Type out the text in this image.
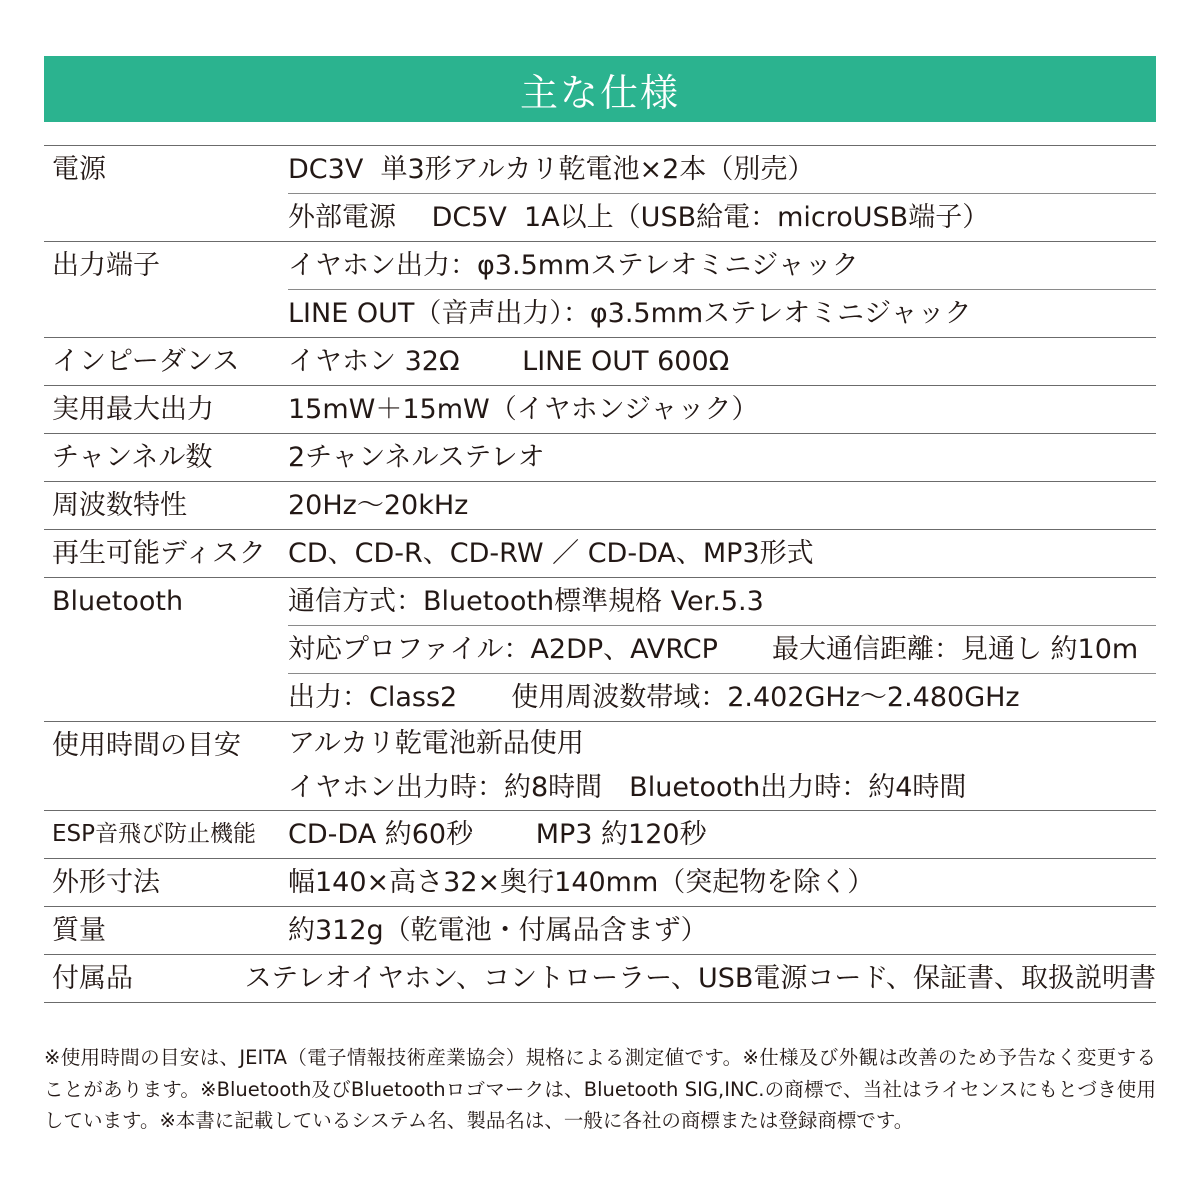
主な仕様
電源	DC3V  単3形アルカリ乾電池×2本（別売）
外部電源　 DC5V  1A以上（USB給電：microUSB端子）
出力端子	イヤホン出力：φ3.5mmステレオミニジャック
LINE OUT（音声出力）：φ3.5mmステレオミニジャック
インピーダンス	イヤホン 32Ω　　 LINE OUT 600Ω
実用最大出力	15mW＋15mW（イヤホンジャック）
チャンネル数	2チャンネルステレオ
周波数特性	20Hz〜20kHz
再生可能ディスク CD、CD-R、CD-RW ／ CD-DA、MP3形式
Bluetooth	通信方式：Bluetooth標準規格 Ver.5.3
対応プロファイル：A2DP、AVRCP　　最大通信距離：見通し 約10m
出力：Class2　　使用周波数帯域：2.402GHz〜2.480GHz
使用時間の目安	アルカリ乾電池新品使用
イヤホン出力時：約8時間　Bluetooth出力時：約4時間
ESP音飛び防止機能	CD-DA 約60秒　　 MP3 約120秒
外形寸法	幅140×高さ32×奥行140mm（突起物を除く）
質量	約312g（乾電池・付属品含まず）
付属品	ステレオイヤホン、コントローラー、USB電源コード、保証書、取扱説明書
※使用時間の目安は、JEITA（電子情報技術産業協会）規格による測定値です。※仕様及び外観は改善のため予告なく変更することがあります。※Bluetooth及びBluetoothロゴマークは、Bluetooth SIG,INC.の商標で、当社はライセンスにもとづき使用しています。※本書に記載しているシステム名、製品名は、一般に各社の商標または登録商標です。
